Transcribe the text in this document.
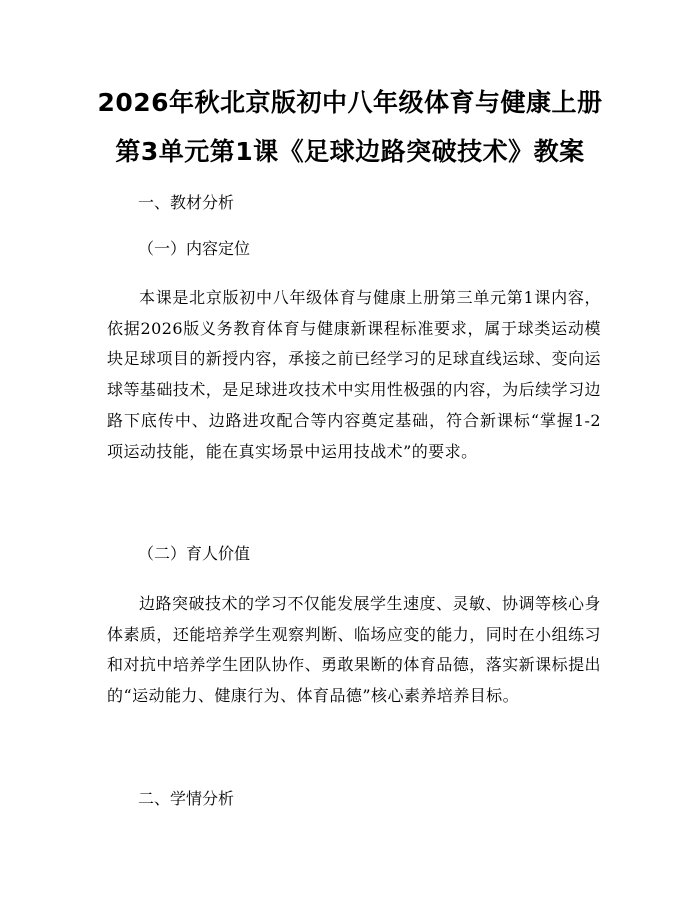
2026年秋北京版初中八年级体育与健康上册
第3单元第1课《足球边路突破技术》教案
一、教材分析
（一）内容定位

本课是北京版初中八年级体育与健康上册第三单元第1课内容，依据2026版义务教育体育与健康新课程标准要求，属于球类运动模块足球项目的新授内容，承接之前已经学习的足球直线运球、变向运球等基础技术，是足球进攻技术中实用性极强的内容，为后续学习边路下底传中、边路进攻配合等内容奠定基础，符合新课标“掌握1-2项运动技能，能在真实场景中运用技战术”的要求。

（二）育人价值

边路突破技术的学习不仅能发展学生速度、灵敏、协调等核心身体素质，还能培养学生观察判断、临场应变的能力，同时在小组练习和对抗中培养学生团队协作、勇敢果断的体育品德，落实新课标提出的“运动能力、健康行为、体育品德”核心素养培养目标。

二、学情分析
